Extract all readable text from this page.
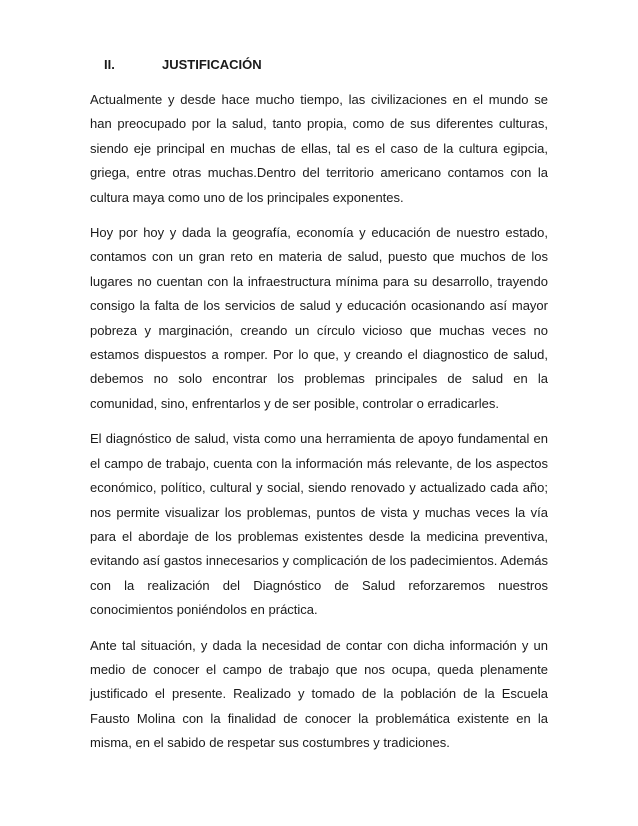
II.	JUSTIFICACIÓN

Actualmente y desde hace mucho tiempo, las civilizaciones en el mundo se han preocupado por la salud, tanto propia, como de sus diferentes culturas, siendo eje principal en muchas de ellas, tal es el caso de la cultura egipcia, griega, entre otras muchas.Dentro del territorio americano contamos con la cultura maya como uno de los principales exponentes.

Hoy por hoy y dada la geografía, economía y educación de nuestro estado, contamos con un gran reto en materia de salud, puesto que muchos de los lugares no cuentan con la infraestructura mínima para su desarrollo, trayendo consigo la falta de los servicios de salud y educación ocasionando así mayor pobreza y marginación, creando un círculo vicioso que muchas veces no estamos dispuestos a romper. Por lo que, y creando el diagnostico de salud, debemos no solo encontrar los problemas principales de salud en la comunidad, sino, enfrentarlos y de ser posible, controlar o erradicarles.

El diagnóstico de salud, vista como una herramienta de apoyo fundamental en el campo de trabajo, cuenta con la información más relevante, de los aspectos económico, político, cultural y social, siendo renovado y actualizado cada año; nos permite visualizar los problemas, puntos de vista y muchas veces la vía para el abordaje de los problemas existentes desde la medicina preventiva, evitando así gastos innecesarios y complicación de los padecimientos. Además con la realización del Diagnóstico de Salud reforzaremos nuestros conocimientos poniéndolos en práctica.

Ante tal situación, y dada la necesidad de contar con dicha información y un medio de conocer el campo de trabajo que nos ocupa, queda plenamente justificado el presente. Realizado y tomado de la población de la Escuela Fausto Molina con la finalidad de conocer la problemática existente en la misma, en el sabido de respetar sus costumbres y tradiciones.
